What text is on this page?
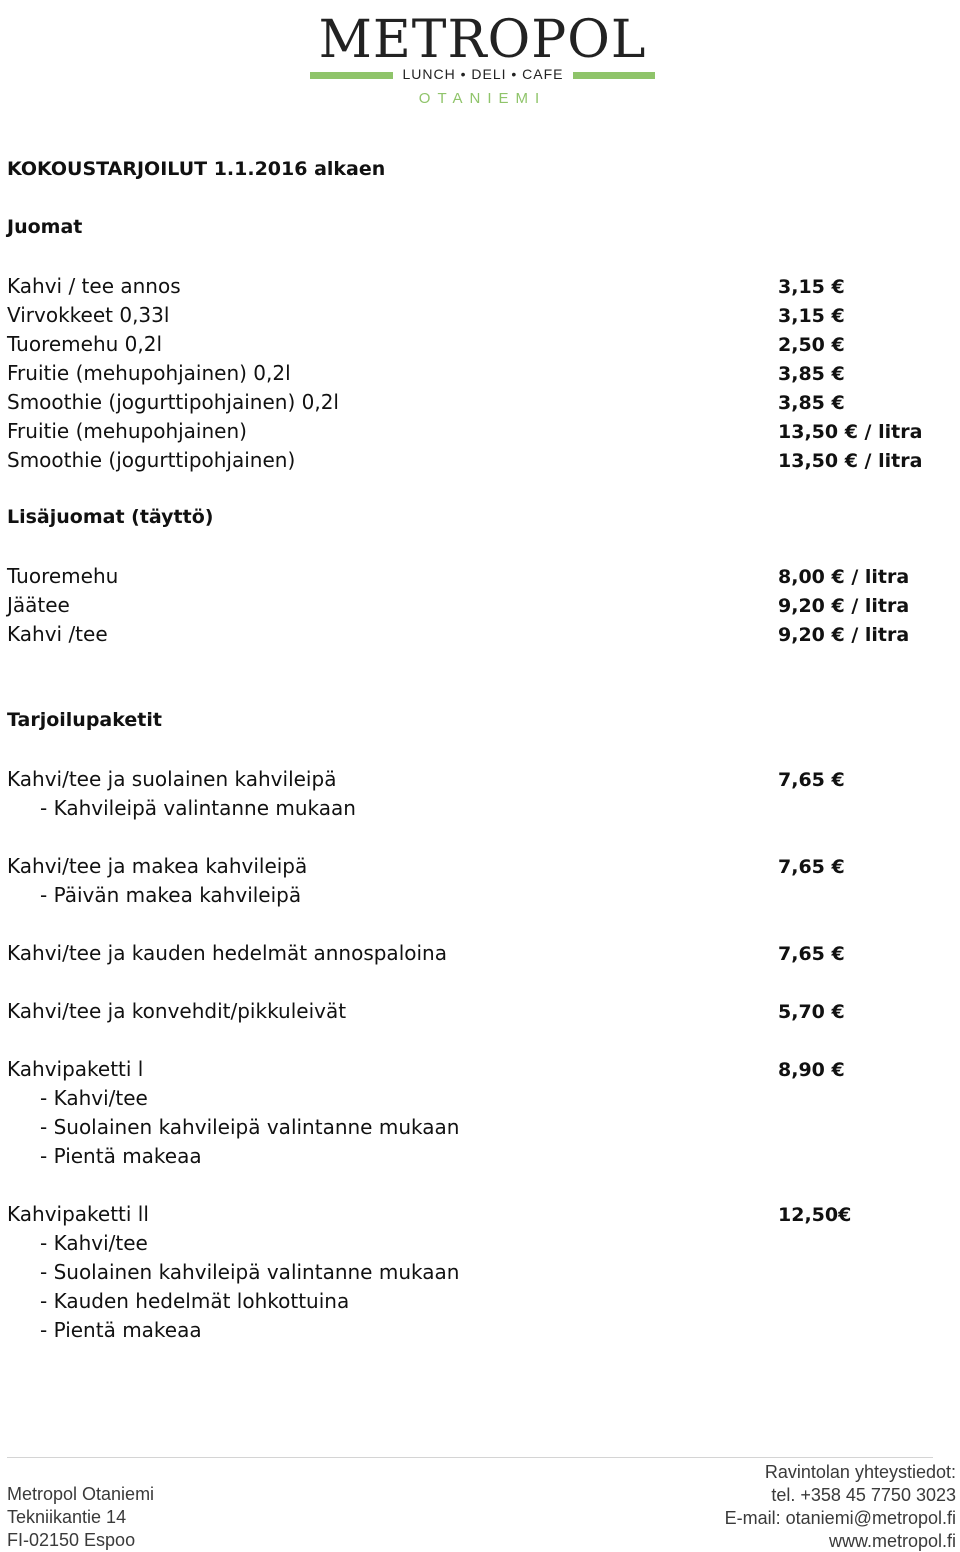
METROPOL
LUNCH • DELI • CAFE
OTANIEMI
KOKOUSTARJOILUT 1.1.2016 alkaen
Juomat
Kahvi / tee annos	3,15 €
Virvokkeet 0,33l	3,15 €
Tuoremehu 0,2l	2,50 €
Fruitie (mehupohjainen) 0,2l	3,85 €
Smoothie (jogurttipohjainen) 0,2l	3,85 €
Fruitie (mehupohjainen)	13,50 € / litra
Smoothie (jogurttipohjainen)	13,50 € / litra
Lisäjuomat (täyttö)
Tuoremehu	8,00 € / litra
Jäätee	9,20 € / litra
Kahvi /tee	9,20 € / litra
Tarjoilupaketit
Kahvi/tee ja suolainen kahvileipä	7,65 €
- Kahvileipä valintanne mukaan
Kahvi/tee ja makea kahvileipä	7,65 €
- Päivän makea kahvileipä
Kahvi/tee ja kauden hedelmät annospaloina	7,65 €
Kahvi/tee ja konvehdit/pikkuleivät	5,70 €
Kahvipaketti l	8,90 €
- Kahvi/tee
- Suolainen kahvileipä valintanne mukaan
- Pientä makeaa
Kahvipaketti ll	12,50€
- Kahvi/tee
- Suolainen kahvileipä valintanne mukaan
- Kauden hedelmät lohkottuina
- Pientä makeaa
Metropol Otaniemi
Tekniikantie 14
FI-02150 Espoo
Ravintolan yhteystiedot:
tel. +358 45 7750 3023
E-mail: otaniemi@metropol.fi
www.metropol.fi
